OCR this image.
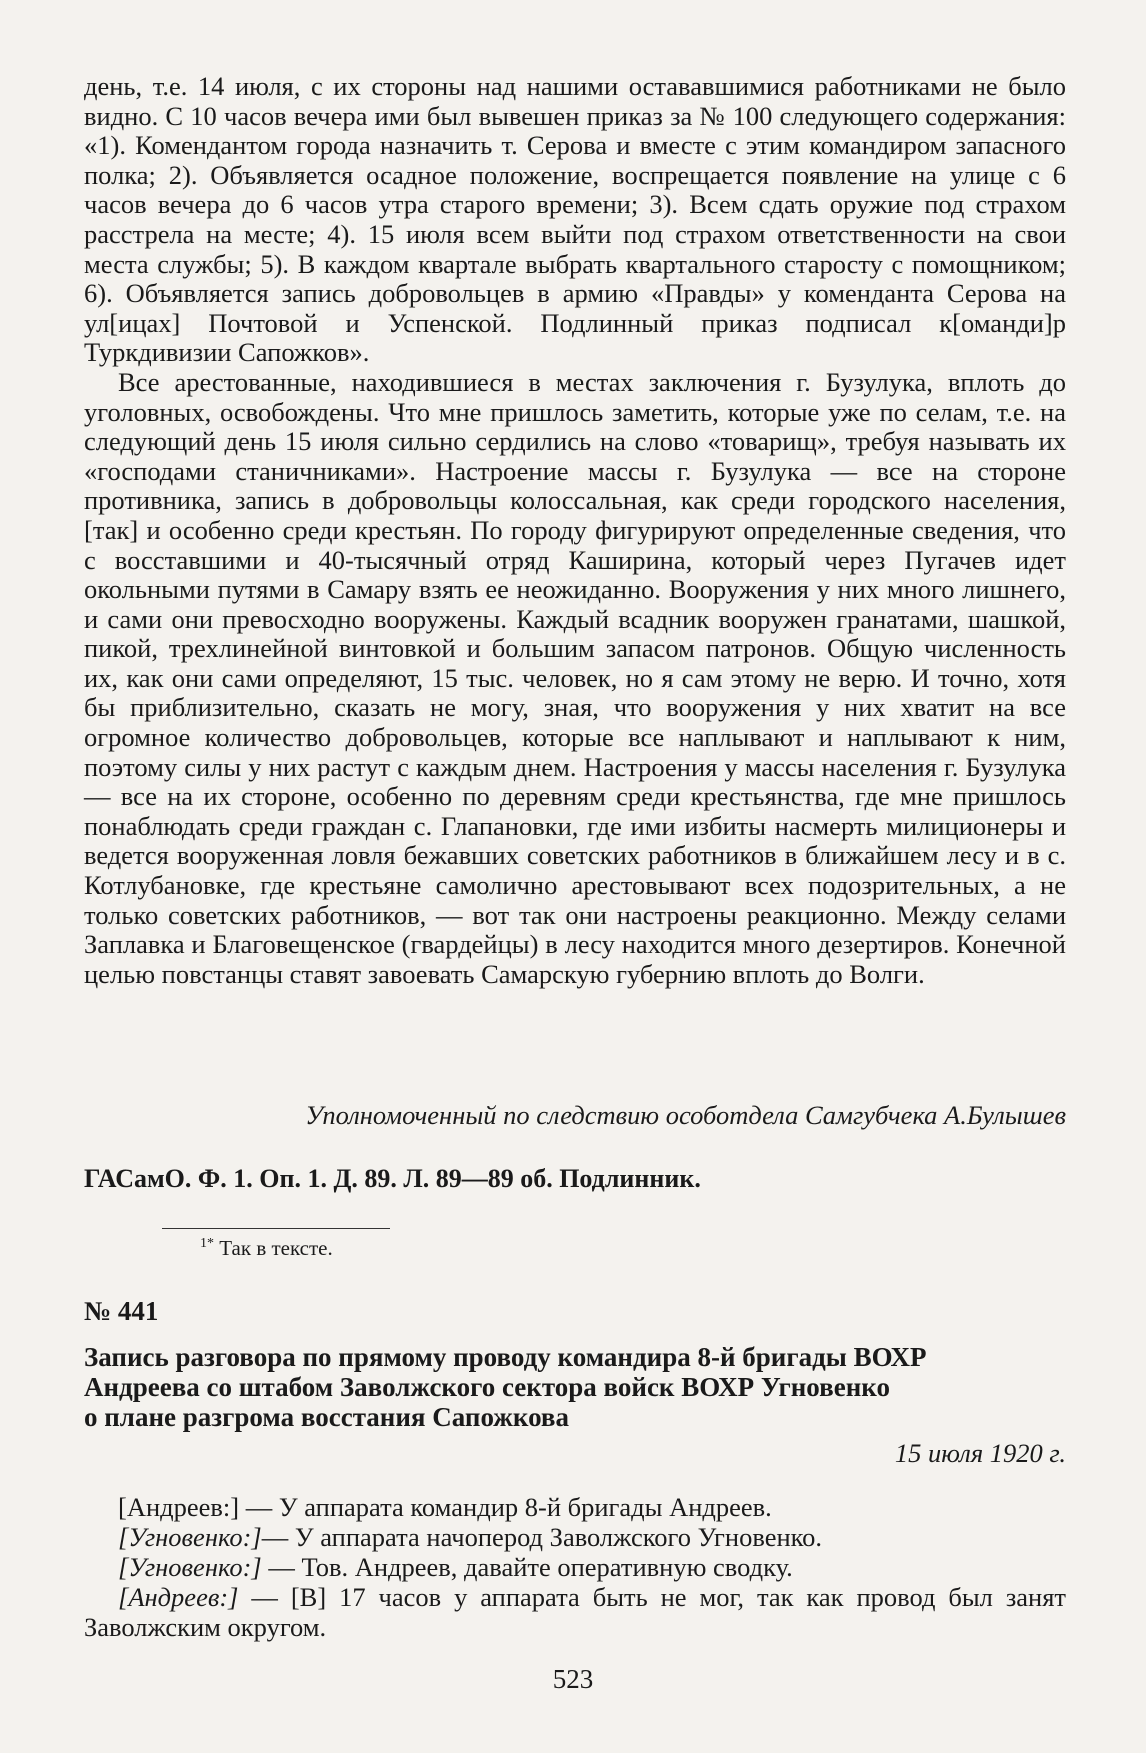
день, т.е. 14 июля, с их стороны над нашими остававшимися работниками не было видно. С 10 часов вечера ими был вывешен приказ за № 100 следующего содержания: «1). Комендантом города назначить т. Серова и вместе с этим командиром запасного полка; 2). Объявляется осадное положение, воспрещается появление на улице с 6 часов вечера до 6 часов утра старого времени; 3). Всем сдать оружие под страхом расстрела на месте; 4). 15 июля всем выйти под страхом ответственности на свои места службы; 5). В каждом квартале выбрать квартального старосту с помощником; 6). Объявляется запись добровольцев в армию «Правды» у коменданта Серова на ул[ицах] Почтовой и Успенской. Подлинный приказ подписал к[оманди]р Туркдивизии Сапожков».

Все арестованные, находившиеся в местах заключения г. Бузулука, вплоть до уголовных, освобождены. Что мне пришлось заметить, которые уже по селам, т.е. на следующий день 15 июля сильно сердились на слово «товарищ», требуя называть их «господами станичниками». Настроение массы г. Бузулука — все на стороне противника, запись в добровольцы колоссальная, как среди городского населения, [так] и особенно среди крестьян. По городу фигурируют определенные сведения, что с восставшими и 40-тысячный отряд Каширина, который через Пугачев идет окольными путями в Самару взять ее неожиданно. Вооружения у них много лишнего, и сами они превосходно вооружены. Каждый всадник вооружен гранатами, шашкой, пикой, трехлинейной винтовкой и большим запасом патронов. Общую численность их, как они сами определяют, 15 тыс. человек, но я сам этому не верю. И точно, хотя бы приблизительно, сказать не могу, зная, что вооружения у них хватит на все огромное количество добровольцев, которые все наплывают и наплывают к ним, поэтому силы у них растут с каждым днем. Настроения у массы населения г. Бузулука — все на их стороне, особенно по деревням среди крестьянства, где мне пришлось понаблюдать среди граждан с. Глапановки, где ими избиты насмерть милиционеры и ведется вооруженная ловля бежавших советских работников в ближайшем лесу и в с. Котлубановке, где крестьяне самолично арестовывают всех подозрительных, а не только советских работников, — вот так они настроены реакционно. Между селами Заплавка и Благовещенское (гвардейцы) в лесу находится много дезертиров. Конечной целью повстанцы ставят завоевать Самарскую губернию вплоть до Волги.

Уполномоченный по следствию особотдела Самгубчека А.Булышев
ГАСамО. Ф. 1. Оп. 1. Д. 89. Л. 89—89 об. Подлинник.
$^{1*}$ Так в тексте.
№ 441
Запись разговора по прямому проводу командира 8-й бригады ВОХР
Андреева со штабом Заволжского сектора войск ВОХР Угновенко
о плане разгрома восстания Сапожкова
15 июля 1920 г.

[Андреев:] — У аппарата командир 8-й бригады Андреев.

[Угновенко:]— У аппарата начоперод Заволжского Угновенко.

[Угновенко:] — Тов. Андреев, давайте оперативную сводку.

[Андреев:] — [В] 17 часов у аппарата быть не мог, так как провод был занят Заволжским округом.

523
